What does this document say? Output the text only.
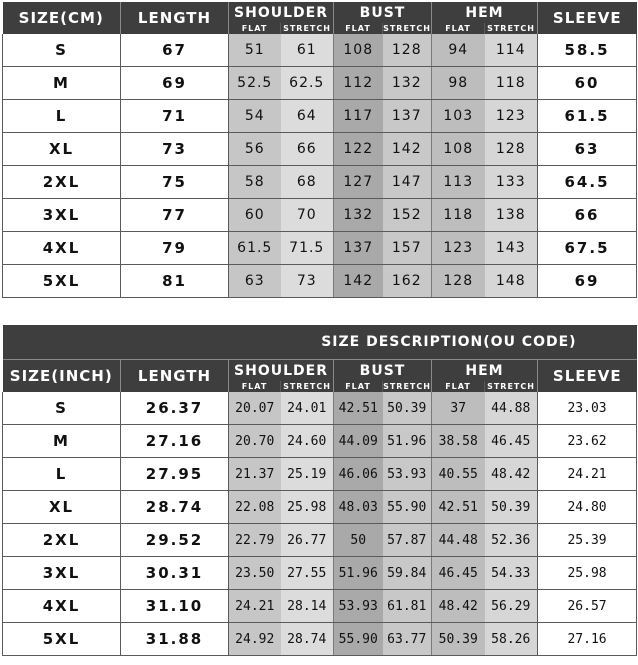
SIZE(CM)	LENGTH	SHOULDER		BUST		HEM		SLEEVE
		FLAT	STRETCH	FLAT	STRETCH	FLAT	STRETCH	
S	67	51	61	108	128	94	114	58.5
M	69	52.5	62.5	112	132	98	118	60
L	71	54	64	117	137	103	123	61.5
XL	73	56	66	122	142	108	128	63
2XL	75	58	68	127	147	113	133	64.5
3XL	77	60	70	132	152	118	138	66
4XL	79	61.5	71.5	137	157	123	143	67.5
5XL	81	63	73	142	162	128	148	69
SIZE DESCRIPTION(OU CODE)								
SIZE(INCH)	LENGTH	SHOULDER		BUST		HEM		SLEEVE
		FLAT	STRETCH	FLAT	STRETCH	FLAT	STRETCH	
S	26.37	20.07	24.01	42.51	50.39	37	44.88	23.03
M	27.16	20.70	24.60	44.09	51.96	38.58	46.45	23.62
L	27.95	21.37	25.19	46.06	53.93	40.55	48.42	24.21
XL	28.74	22.08	25.98	48.03	55.90	42.51	50.39	24.80
2XL	29.52	22.79	26.77	50	57.87	44.48	52.36	25.39
3XL	30.31	23.50	27.55	51.96	59.84	46.45	54.33	25.98
4XL	31.10	24.21	28.14	53.93	61.81	48.42	56.29	26.57
5XL	31.88	24.92	28.74	55.90	63.77	50.39	58.26	27.16
